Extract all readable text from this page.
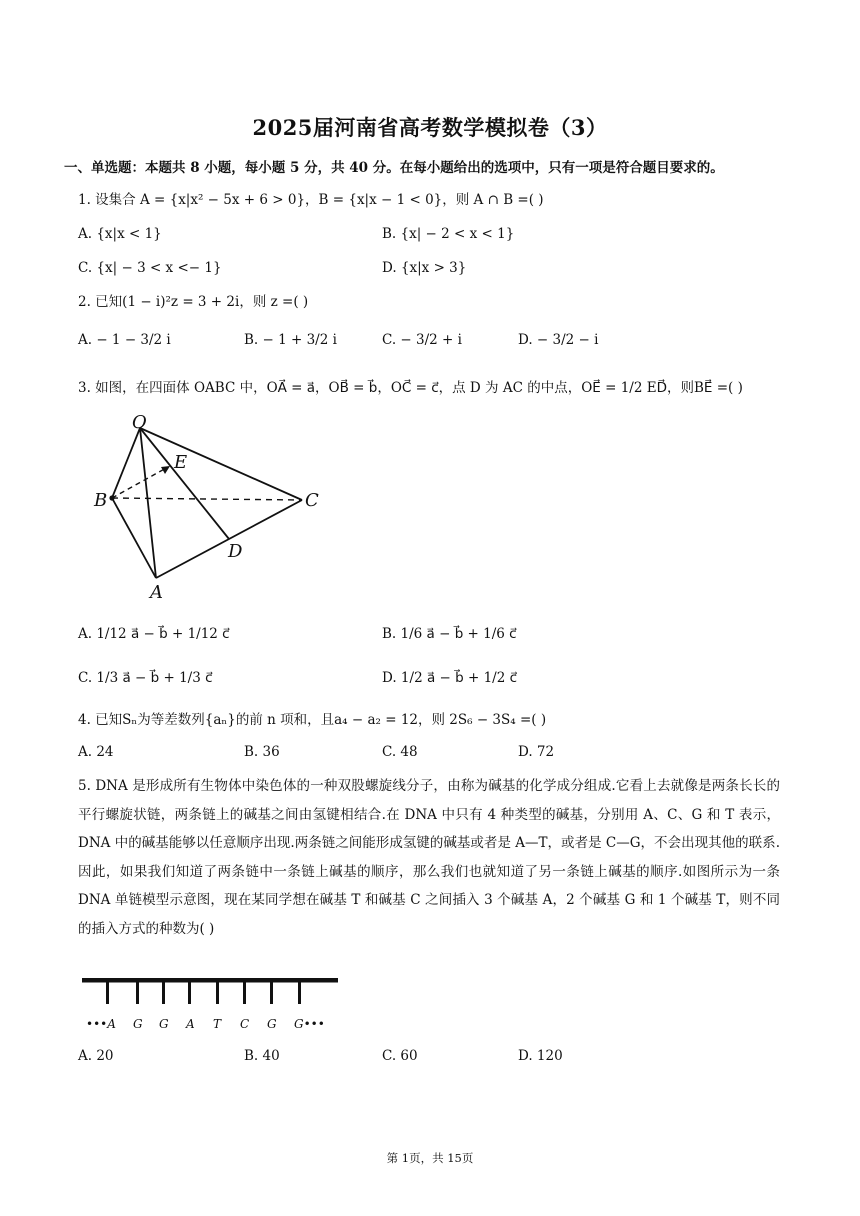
2025届河南省高考数学模拟卷（3）
一、单选题：本题共 8 小题，每小题 5 分，共 40 分。在每小题给出的选项中，只有一项是符合题目要求的。
1. 设集合 A = {x|x² − 5x + 6 > 0}，B = {x|x − 1 < 0}，则 A ∩ B =( )
A. {x|x < 1}	B. {x| − 2 < x < 1}
C. {x| − 3 < x <− 1}	D. {x|x > 3}
2. 已知(1 − i)²z = 3 + 2i，则 z =( )
A. − 1 − 3/2 i	B. − 1 + 3/2 i	C. − 3/2 + i	D. − 3/2 − i
3. 如图，在四面体 OABC 中，OA⃗ = a⃗，OB⃗ = b⃗，OC⃗ = c⃗，点 D 为 AC 的中点，OE⃗ = 1/2 ED⃗，则BE⃗ =( )
O
E
B	C
D
A
A. 1/12 a⃗ − b⃗ + 1/12 c⃗	B. 1/6 a⃗ − b⃗ + 1/6 c⃗
C. 1/3 a⃗ − b⃗ + 1/3 c⃗	D. 1/2 a⃗ − b⃗ + 1/2 c⃗
4. 已知Sₙ为等差数列{aₙ}的前 n 项和，且a₄ − a₂ = 12，则 2S₆ − 3S₄ =( )
A. 24	B. 36	C. 48	D. 72
5. DNA 是形成所有生物体中染色体的一种双股螺旋线分子，由称为碱基的化学成分组成.它看上去就像是两条长长的平行螺旋状链，两条链上的碱基之间由氢键相结合.在 DNA 中只有 4 种类型的碱基，分别用 A、C、G 和 T 表示，DNA 中的碱基能够以任意顺序出现.两条链之间能形成氢键的碱基或者是 A—T，或者是 C—G，不会出现其他的联系.因此，如果我们知道了两条链中一条链上碱基的顺序，那么我们也就知道了另一条链上碱基的顺序.如图所示为一条 DNA 单链模型示意图，现在某同学想在碱基 T 和碱基 C 之间插入 3 个碱基 A，2 个碱基 G 和 1 个碱基 T，则不同的插入方式的种数为( )
•••A G G A T C G G•••
A. 20	B. 40	C. 60	D. 120
第 1页，共 15页
